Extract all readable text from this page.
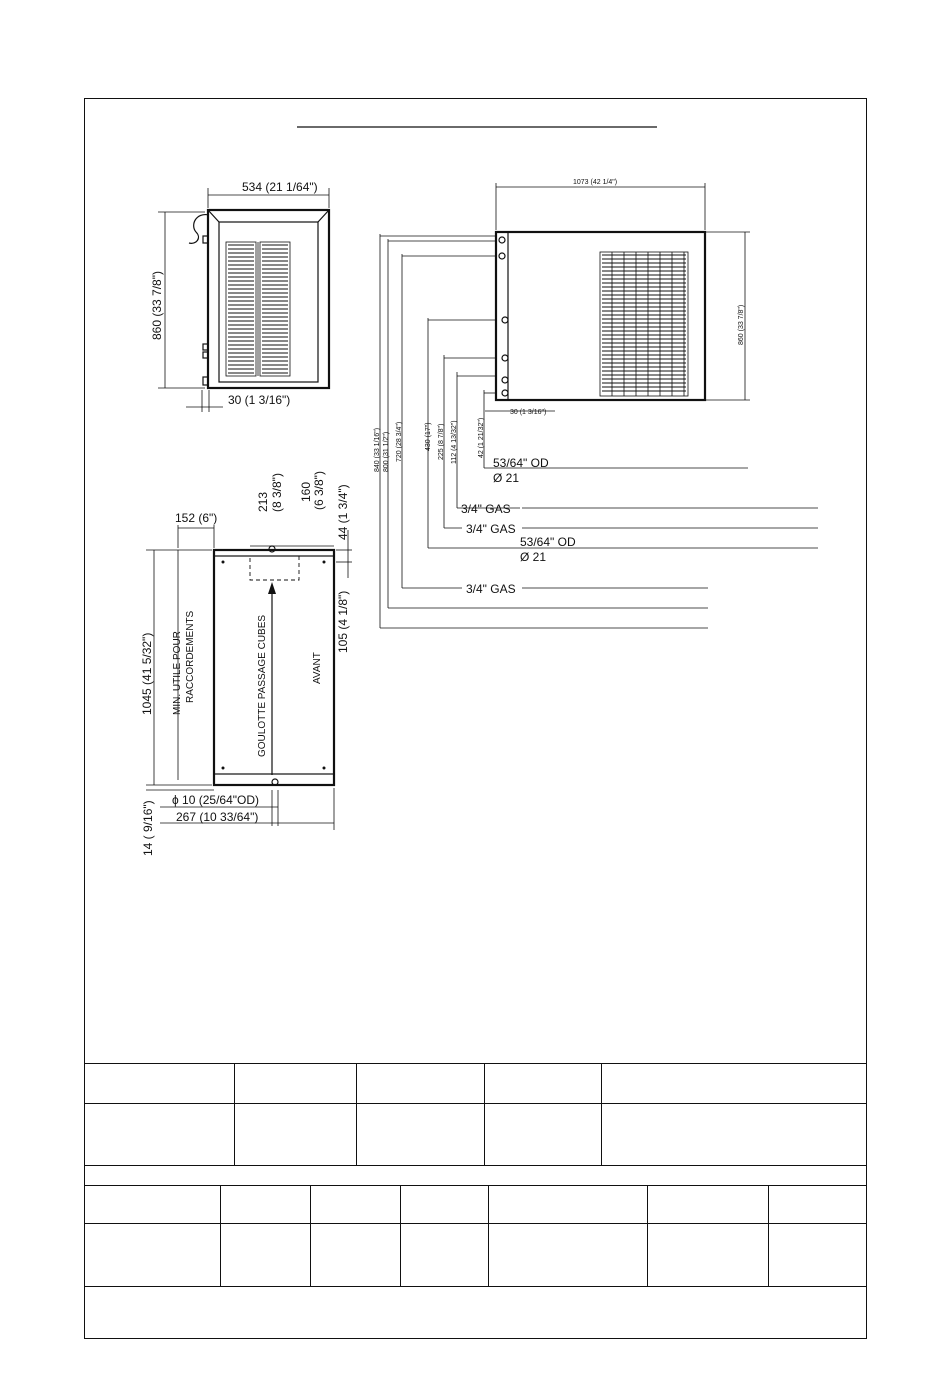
534 (21 1/64")
860 (33 7/8")
30 (1 3/16")
1073 (42 1/4")
860 (33 7/8")
30 (1 3/16")
840 (33 1/16") 800 (31 1/2") 720 (28 3/4")	430 (17") 225 (8 7/8") 112 (4 13/32")	42 (1 21/32")
53/64" OD
Ø 21
3/4" GAS
3/4" GAS
53/64" OD
Ø 21
3/4" GAS
GOULOTTE PASSAGE CUBES	AVANT
152 (6")
213 (8 3/8") 160 (6 3/8") 44 (1 3/4")
105 (4 1/8")
1045 (41 5/32") MIN. UTILE POUR RACCORDEMENTS
14 ( 9/16")
ϕ 10 (25/64"OD)
267 (10 33/64")
